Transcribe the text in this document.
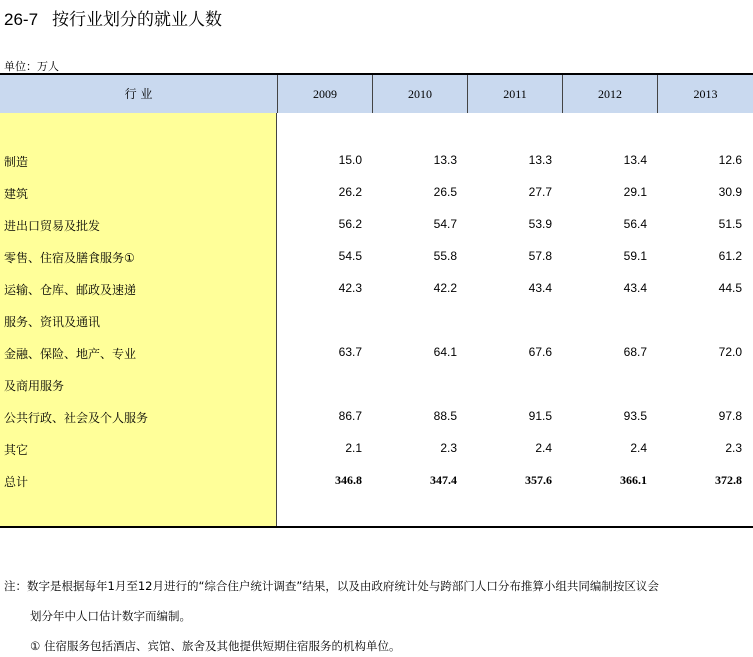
26-7 按行业划分的就业人数
单位：万人
行 业	2009	2010	2011	2012	2013
制造	15.0	13.3	13.3	13.4	12.6
建筑	26.2	26.5	27.7	29.1	30.9
进出口贸易及批发	56.2	54.7	53.9	56.4	51.5
零售、住宿及膳食服务①	54.5	55.8	57.8	59.1	61.2
运输、仓库、邮政及速递	42.3	42.2	43.4	43.4	44.5
服务、资讯及通讯
金融、保险、地产、专业	63.7	64.1	67.6	68.7	72.0
及商用服务
公共行政、社会及个人服务	86.7	88.5	91.5	93.5	97.8
其它	2.1	2.3	2.4	2.4	2.3
总计	346.8	347.4	357.6	366.1	372.8
注：数字是根据每年1月至12月进行的“综合住户统计调查”结果，以及由政府统计处与跨部门人口分布推算小组共同编制按区议会
划分年中人口估计数字而编制。
① 住宿服务包括酒店、宾馆、旅舍及其他提供短期住宿服务的机构单位。
